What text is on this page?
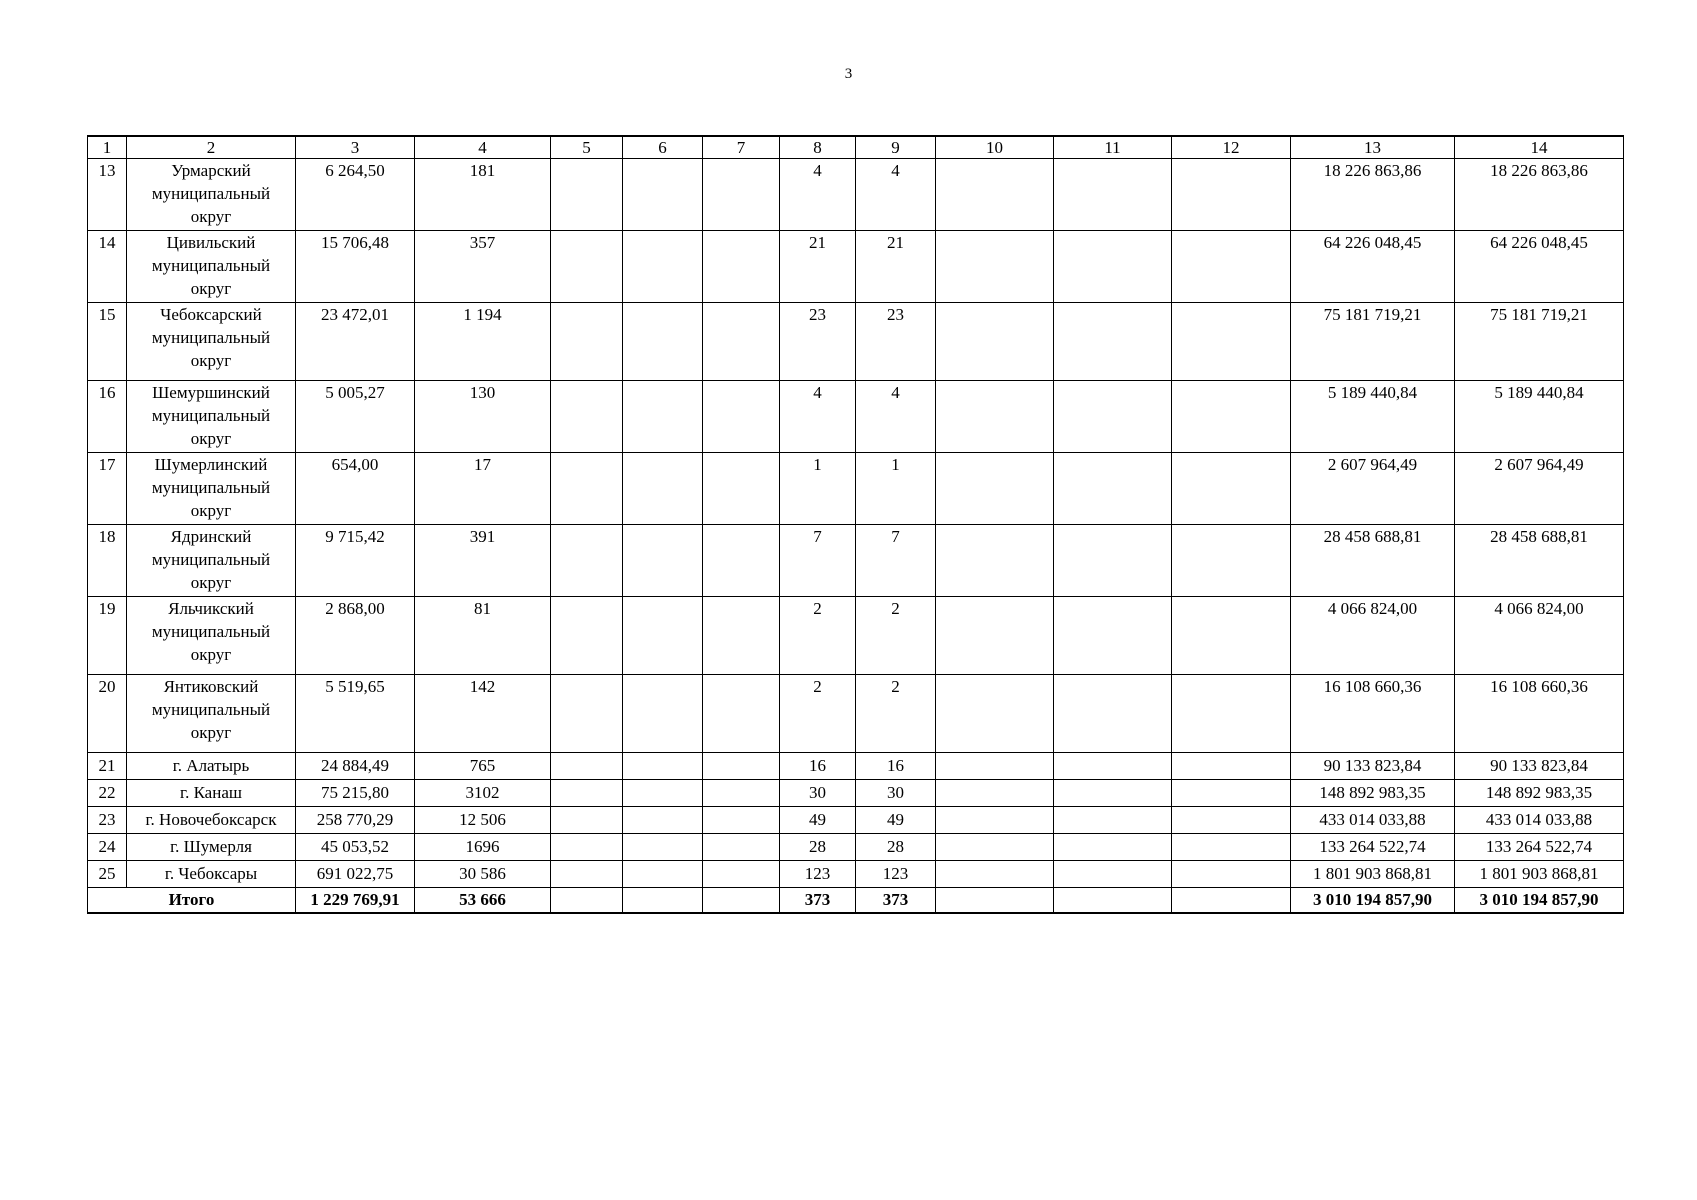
3
1	2	3	4	5	6	7	8	9	10	11	12	13	14
13	Урмарский муниципальный округ	6 264,50	181				4	4				18 226 863,86	18 226 863,86
14	Цивильский муниципальный округ	15 706,48	357				21	21				64 226 048,45	64 226 048,45
15	Чебоксарский муниципальный округ	23 472,01	1 194				23	23				75 181 719,21	75 181 719,21
16	Шемуршинский муниципальный округ	5 005,27	130				4	4				5 189 440,84	5 189 440,84
17	Шумерлинский муниципальный округ	654,00	17				1	1				2 607 964,49	2 607 964,49
18	Ядринский муниципальный округ	9 715,42	391				7	7				28 458 688,81	28 458 688,81
19	Яльчикский муниципальный округ	2 868,00	81				2	2				4 066 824,00	4 066 824,00
20	Янтиковский муниципальный округ	5 519,65	142				2	2				16 108 660,36	16 108 660,36
21	г. Алатырь	24 884,49	765				16	16				90 133 823,84	90 133 823,84
22	г. Канаш	75 215,80	3102				30	30				148 892 983,35	148 892 983,35
23	г. Новочебоксарск	258 770,29	12 506				49	49				433 014 033,88	433 014 033,88
24	г. Шумерля	45 053,52	1696				28	28				133 264 522,74	133 264 522,74
25	г. Чебоксары	691 022,75	30 586				123	123				1 801 903 868,81	1 801 903 868,81
Итого		1 229 769,91	53 666				373	373				3 010 194 857,90	3 010 194 857,90
